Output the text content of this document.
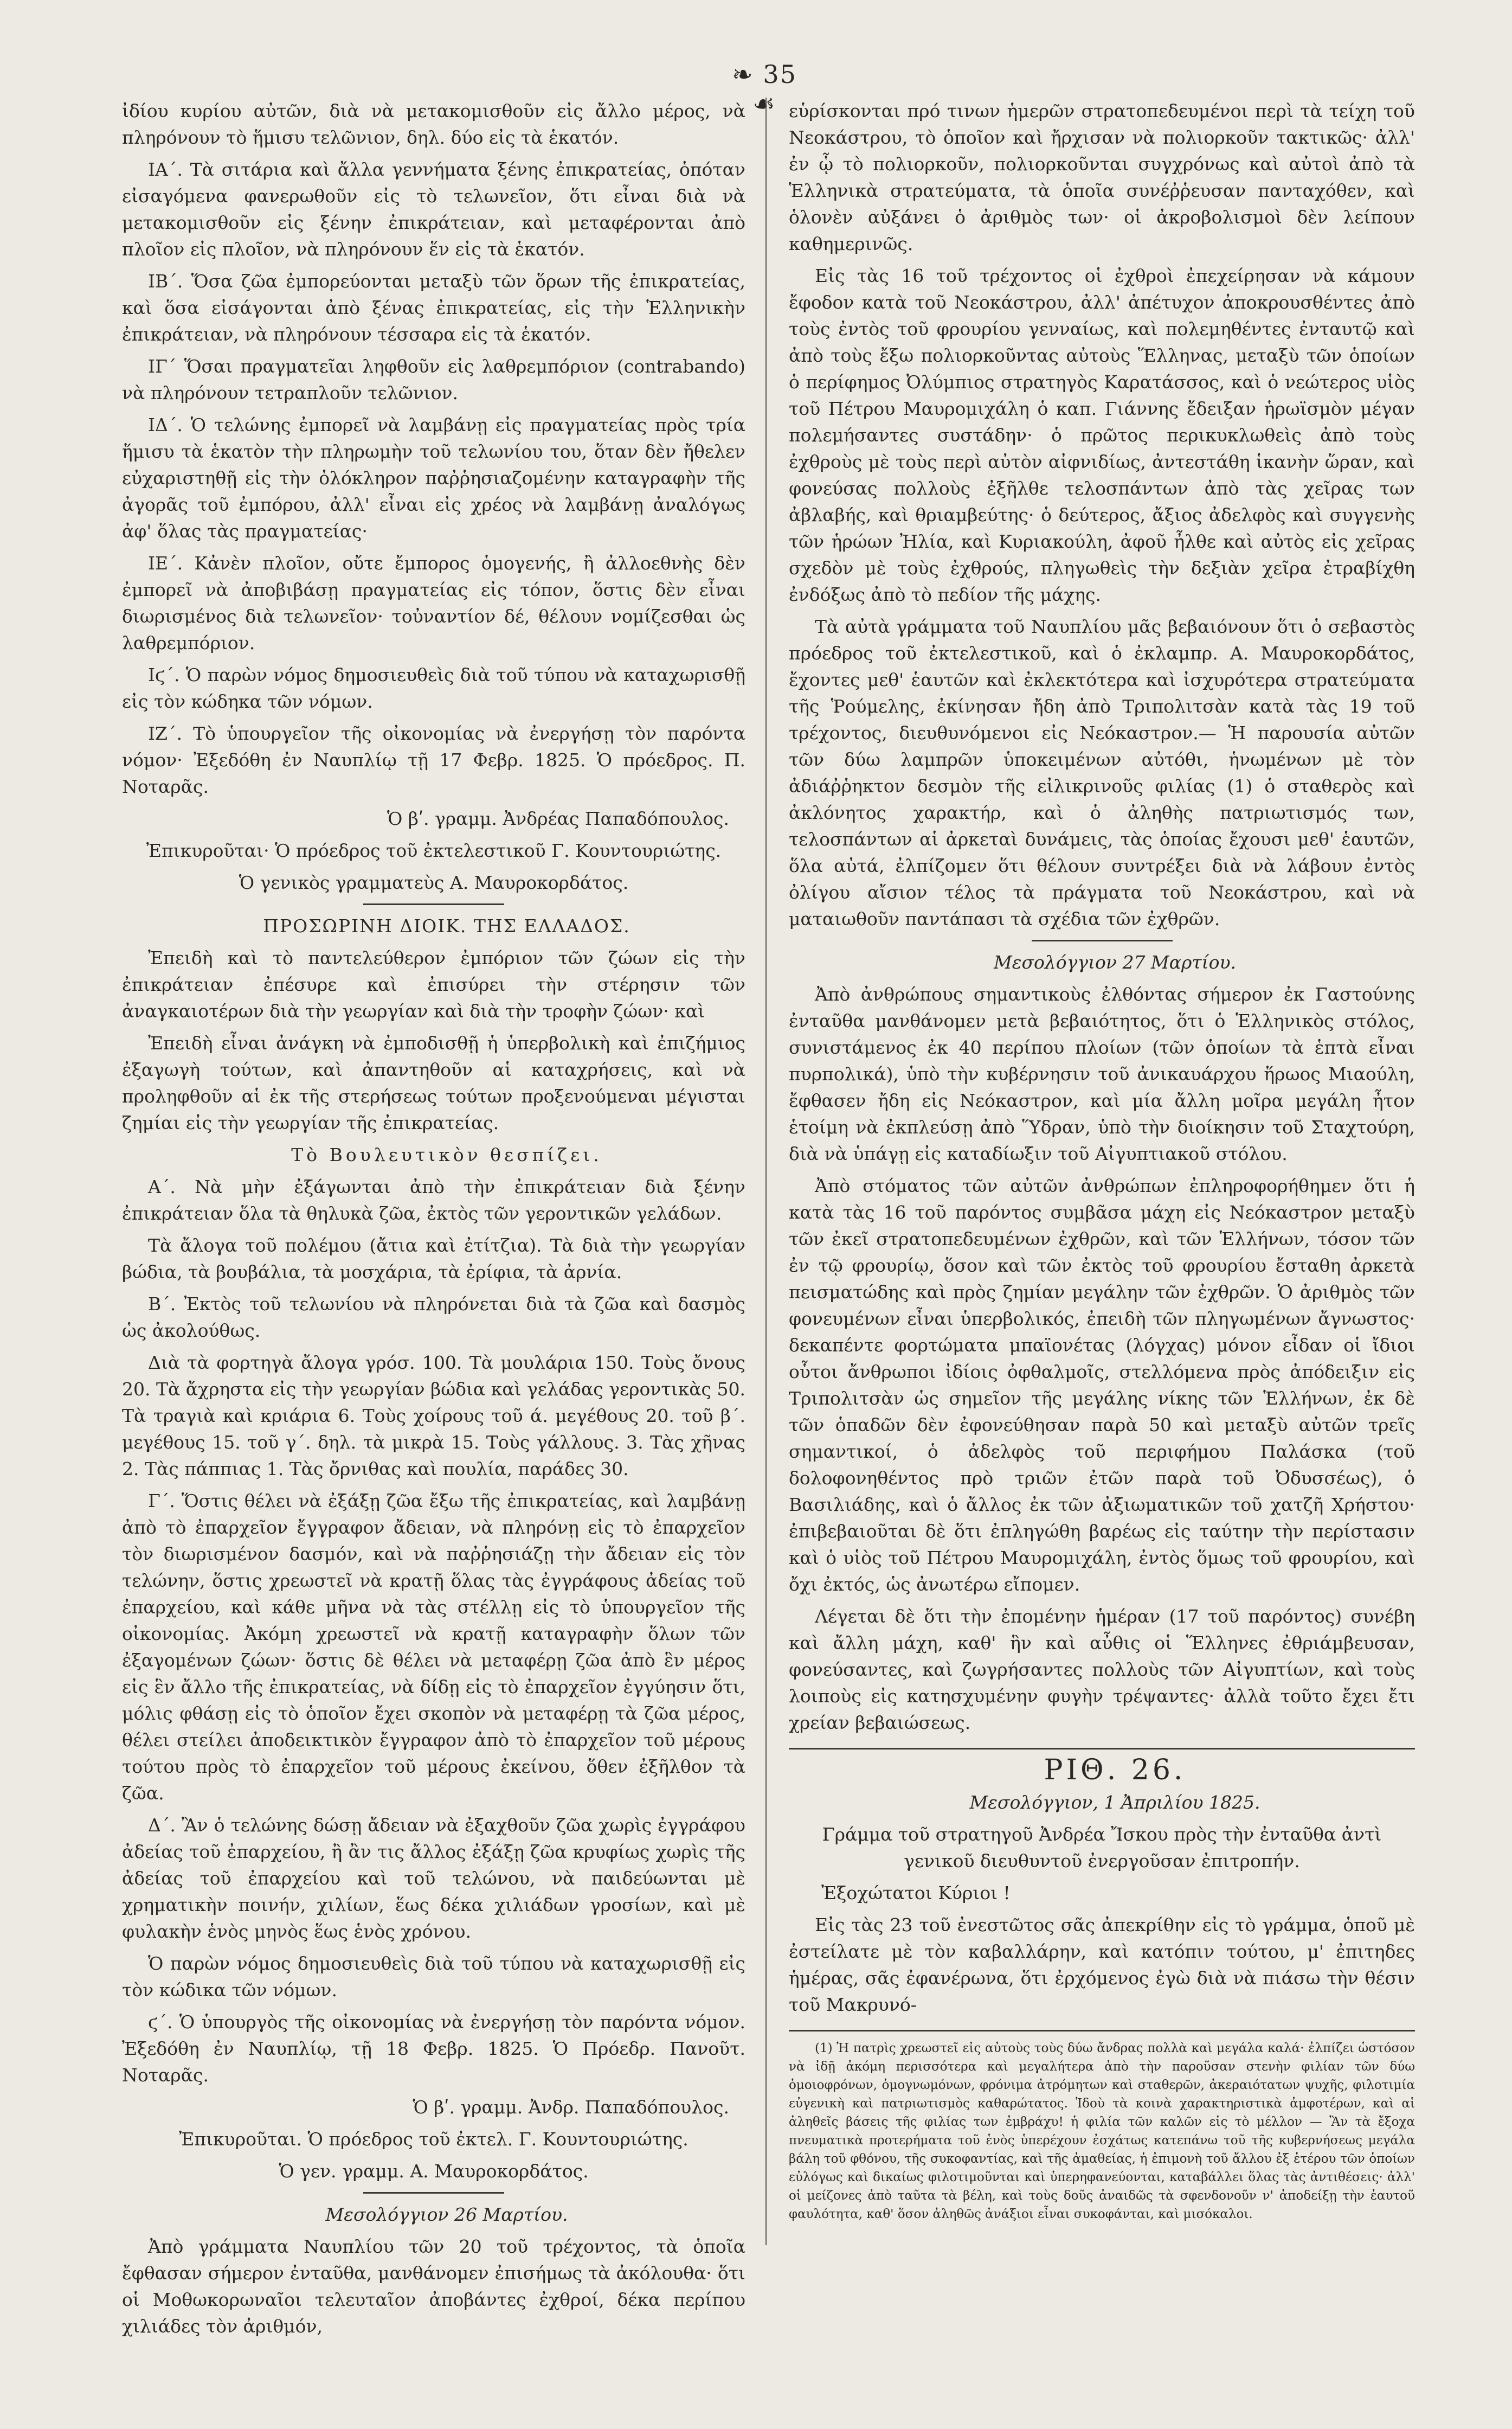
❧ 35 ☙

ἰδίου κυρίου αὐτῶν, διὰ νὰ μετακομισθοῦν εἰς ἄλλο μέρος, νὰ πληρόνουν τὸ ἥμισυ τελῶνιον, δηλ. δύο εἰς τὰ ἑκατόν.

ΙΑ΄. Τὰ σιτάρια καὶ ἄλλα γεννήματα ξένης ἐπικρατείας, ὁπόταν εἰσαγόμενα φανερωθοῦν εἰς τὸ τελωνεῖον, ὅτι εἶναι διὰ νὰ μετακομισθοῦν εἰς ξένην ἐπικράτειαν, καὶ μεταφέρονται ἀπὸ πλοῖον εἰς πλοῖον, νὰ πληρόνουν ἕν εἰς τὰ ἑκατόν.

ΙΒ΄. Ὅσα ζῶα ἐμπορεύονται μεταξὺ τῶν ὅρων τῆς ἐπικρατείας, καὶ ὅσα εἰσάγονται ἀπὸ ξένας ἐπικρατείας, εἰς τὴν Ἑλληνικὴν ἐπικράτειαν, νὰ πληρόνουν τέσσαρα εἰς τὰ ἑκατόν.

ΙΓ΄ Ὅσαι πραγματεῖαι ληφθοῦν εἰς λαθρεμπόριον (contrabando) νὰ πληρόνουν τετραπλοῦν τελῶνιον.

ΙΔ΄. Ὁ τελώνης ἐμπορεῖ νὰ λαμβάνῃ εἰς πραγματείας πρὸς τρία ἥμισυ τὰ ἑκατὸν τὴν πληρωμὴν τοῦ τελωνίου του, ὅταν δὲν ἤθελεν εὐχαριστηθῇ εἰς τὴν ὁλόκληρον παῤῥησιαζομένην καταγραφὴν τῆς ἀγορᾶς τοῦ ἐμπόρου, ἀλλ' εἶναι εἰς χρέος νὰ λαμβάνῃ ἀναλόγως ἀφ' ὅλας τὰς πραγματείας·

ΙΕ΄. Κἀνὲν πλοῖον, οὔτε ἔμπορος ὁμογενής, ἢ ἀλλοεθνὴς δὲν ἐμπορεῖ νὰ ἀποβιβάσῃ πραγματείας εἰς τόπον, ὅστις δὲν εἶναι διωρισμένος διὰ τελωνεῖον· τοὐναντίον δέ, θέλουν νομίζεσθαι ὡς λαθρεμπόριον.

Ιϛ΄. Ὁ παρὼν νόμος δημοσιευθεὶς διὰ τοῦ τύπου νὰ καταχωρισθῇ εἰς τὸν κώδηκα τῶν νόμων.

ΙΖ΄. Τὸ ὑπουργεῖον τῆς οἰκονομίας νὰ ἐνεργήσῃ τὸν παρόντα νόμον· Ἐξεδόθη ἐν Ναυπλίῳ τῇ 17 Φεβρ. 1825. Ὁ πρόεδρος. Π. Νοταρᾶς.

Ὁ βʹ. γραμμ. Ἀνδρέας Παπαδόπουλος.

Ἐπικυροῦται· Ὁ πρόεδρος τοῦ ἐκτελεστικοῦ Γ. Κουντουριώτης.

Ὁ γενικὸς γραμματεὺς Α. Μαυροκορδάτος.

ΠΡΟΣΩΡΙΝΗ ΔΙΟΙΚ. ΤΗΣ ΕΛΛΑΔΟΣ.

Ἐπειδὴ καὶ τὸ παντελεύθερον ἐμπόριον τῶν ζώων εἰς τὴν ἐπικράτειαν ἐπέσυρε καὶ ἐπισύρει τὴν στέρησιν τῶν ἀναγκαιοτέρων διὰ τὴν γεωργίαν καὶ διὰ τὴν τροφὴν ζώων· καὶ

Ἐπειδὴ εἶναι ἀνάγκη νὰ ἐμποδισθῇ ἡ ὑπερβολικὴ καὶ ἐπιζήμιος ἐξαγωγὴ τούτων, καὶ ἀπαντηθοῦν αἱ καταχρήσεις, καὶ νὰ προληφθοῦν αἱ ἐκ τῆς στερήσεως τούτων προξενούμεναι μέγισται ζημίαι εἰς τὴν γεωργίαν τῆς ἐπικρατείας.

Τὸ Βουλευτικὸν θεσπίζει.

Α΄. Νὰ μὴν ἐξάγωνται ἀπὸ τὴν ἐπικράτειαν διὰ ξένην ἐπικράτειαν ὅλα τὰ θηλυκὰ ζῶα, ἐκτὸς τῶν γεροντικῶν γελάδων.

Τὰ ἄλογα τοῦ πολέμου (ἄτια καὶ ἐτίτζια). Τὰ διὰ τὴν γεωργίαν βώδια, τὰ βουβάλια, τὰ μοσχάρια, τὰ ἐρίφια, τὰ ἀρνία.

Β΄. Ἐκτὸς τοῦ τελωνίου νὰ πληρόνεται διὰ τὰ ζῶα καὶ δασμὸς ὡς ἀκολούθως.

Διὰ τὰ φορτηγὰ ἄλογα γρόσ. 100. Τὰ μουλάρια 150. Τοὺς ὄνους 20. Τὰ ἄχρηστα εἰς τὴν γεωργίαν βώδια καὶ γελάδας γεροντικὰς 50. Τὰ τραγιὰ καὶ κριάρια 6. Τοὺς χοίρους τοῦ ά. μεγέθους 20. τοῦ β΄. μεγέθους 15. τοῦ γ΄. δηλ. τὰ μικρὰ 15. Τοὺς γάλλους. 3. Τὰς χῆνας 2. Τὰς πάππιας 1. Τὰς ὄρνιθας καὶ πουλία, παράδες 30.

Γ΄. Ὅστις θέλει νὰ ἐξάξῃ ζῶα ἔξω τῆς ἐπικρατείας, καὶ λαμβάνῃ ἀπὸ τὸ ἐπαρχεῖον ἔγγραφον ἄδειαν, νὰ πληρόνῃ εἰς τὸ ἐπαρχεῖον τὸν διωρισμένον δασμόν, καὶ νὰ παῤῥησιάζῃ τὴν ἄδειαν εἰς τὸν τελώνην, ὅστις χρεωστεῖ νὰ κρατῇ ὅλας τὰς ἐγγράφους ἀδείας τοῦ ἐπαρχείου, καὶ κάθε μῆνα νὰ τὰς στέλλῃ εἰς τὸ ὑπουργεῖον τῆς οἰκονομίας. Ἀκόμη χρεωστεῖ νὰ κρατῇ καταγραφὴν ὅλων τῶν ἐξαγομένων ζώων· ὅστις δὲ θέλει νὰ μεταφέρῃ ζῶα ἀπὸ ἓν μέρος εἰς ἓν ἄλλο τῆς ἐπικρατείας, νὰ δίδῃ εἰς τὸ ἐπαρχεῖον ἐγγύησιν ὅτι, μόλις φθάσῃ εἰς τὸ ὁποῖον ἔχει σκοπὸν νὰ μεταφέρῃ τὰ ζῶα μέρος, θέλει στείλει ἀποδεικτικὸν ἔγγραφον ἀπὸ τὸ ἐπαρχεῖον τοῦ μέρους τούτου πρὸς τὸ ἐπαρχεῖον τοῦ μέρους ἐκείνου, ὅθεν ἐξῆλθον τὰ ζῶα.

Δ΄. Ἂν ὁ τελώνης δώσῃ ἄδειαν νὰ ἐξαχθοῦν ζῶα χωρὶς ἐγγράφου ἀδείας τοῦ ἐπαρχείου, ἢ ἂν τις ἄλλος ἐξάξῃ ζῶα κρυφίως χωρὶς τῆς ἀδείας τοῦ ἐπαρχείου καὶ τοῦ τελώνου, νὰ παιδεύωνται μὲ χρηματικὴν ποινήν, χιλίων, ἕως δέκα χιλιάδων γροσίων, καὶ μὲ φυλακὴν ἑνὸς μηνὸς ἕως ἑνὸς χρόνου.

Ὁ παρὼν νόμος δημοσιευθεὶς διὰ τοῦ τύπου νὰ καταχωρισθῇ εἰς τὸν κώδικα τῶν νόμων.

ϛ΄. Ὁ ὑπουργὸς τῆς οἰκονομίας νὰ ἐνεργήσῃ τὸν παρόντα νόμον. Ἐξεδόθη ἐν Ναυπλίῳ, τῇ 18 Φεβρ. 1825. Ὁ Πρόεδρ. Πανοῦτ. Νοταρᾶς.

Ὁ βʹ. γραμμ. Ἀνδρ. Παπαδόπουλος.

Ἐπικυροῦται. Ὁ πρόεδρος τοῦ ἐκτελ. Γ. Κουντουριώτης.

Ὁ γεν. γραμμ. Α. Μαυροκορδάτος.

Μεσολόγγιον 26 Μαρτίου.

Ἀπὸ γράμματα Ναυπλίου τῶν 20 τοῦ τρέχοντος, τὰ ὁποῖα ἔφθασαν σήμερον ἐνταῦθα, μανθάνομεν ἐπισήμως τὰ ἀκόλουθα· ὅτι οἱ Μοθωκορωναῖοι τελευταῖον ἀποβάντες ἐχθροί, δέκα περίπου χιλιάδες τὸν ἀριθμόν,

εὑρίσκονται πρό τινων ἡμερῶν στρατοπεδευμένοι περὶ τὰ τείχη τοῦ Νεοκάστρου, τὸ ὁποῖον καὶ ἤρχισαν νὰ πολιορκοῦν τακτικῶς· ἀλλ' ἐν ᾧ τὸ πολιορκοῦν, πολιορκοῦνται συγχρόνως καὶ αὐτοὶ ἀπὸ τὰ Ἑλληνικὰ στρατεύματα, τὰ ὁποῖα συνέῤῥευσαν πανταχόθεν, καὶ ὁλονὲν αὐξάνει ὁ ἀριθμὸς των· οἱ ἀκροβολισμοὶ δὲν λείπουν καθημερινῶς.

Εἰς τὰς 16 τοῦ τρέχοντος οἱ ἐχθροὶ ἐπεχείρησαν νὰ κάμουν ἔφοδον κατὰ τοῦ Νεοκάστρου, ἀλλ' ἀπέτυχον ἀποκρουσθέντες ἀπὸ τοὺς ἐντὸς τοῦ φρουρίου γενναίως, καὶ πολεμηθέντες ἐνταυτῷ καὶ ἀπὸ τοὺς ἔξω πολιορκοῦντας αὐτοὺς Ἕλληνας, μεταξὺ τῶν ὁποίων ὁ περίφημος Ὀλύμπιος στρατηγὸς Καρατάσσος, καὶ ὁ νεώτερος υἱὸς τοῦ Πέτρου Μαυρομιχάλη ὁ καπ. Γιάννης ἔδειξαν ἡρωϊσμὸν μέγαν πολεμήσαντες συστάδην· ὁ πρῶτος περικυκλωθεὶς ἀπὸ τοὺς ἐχθροὺς μὲ τοὺς περὶ αὐτὸν αἰφνιδίως, ἀντεστάθη ἱκανὴν ὥραν, καὶ φονεύσας πολλοὺς ἐξῆλθε τελοσπάντων ἀπὸ τὰς χεῖρας των ἀβλαβής, καὶ θριαμβεύτης· ὁ δεύτερος, ἄξιος ἀδελφὸς καὶ συγγενὴς τῶν ἡρώων Ἠλία, καὶ Κυριακούλη, ἀφοῦ ἦλθε καὶ αὐτὸς εἰς χεῖρας σχεδὸν μὲ τοὺς ἐχθρούς, πληγωθεὶς τὴν δεξιὰν χεῖρα ἐτραβίχθη ἐνδόξως ἀπὸ τὸ πεδίον τῆς μάχης.

Τὰ αὐτὰ γράμματα τοῦ Ναυπλίου μᾶς βεβαιόνουν ὅτι ὁ σεβαστὸς πρόεδρος τοῦ ἐκτελεστικοῦ, καὶ ὁ ἐκλαμπρ. Α. Μαυροκορδάτος, ἔχοντες μεθ' ἑαυτῶν καὶ ἐκλεκτότερα καὶ ἰσχυρότερα στρατεύματα τῆς Ῥούμελης, ἐκίνησαν ἤδη ἀπὸ Τριπολιτσὰν κατὰ τὰς 19 τοῦ τρέχοντος, διευθυνόμενοι εἰς Νεόκαστρον.— Ἡ παρουσία αὐτῶν τῶν δύω λαμπρῶν ὑποκειμένων αὐτόθι, ἡνωμένων μὲ τὸν ἀδιάῤῥηκτον δεσμὸν τῆς εἰλικρινοῦς φιλίας (1) ὁ σταθερὸς καὶ ἀκλόνητος χαρακτήρ, καὶ ὁ ἀληθὴς πατριωτισμός των, τελοσπάντων αἱ ἀρκεταὶ δυνάμεις, τὰς ὁποίας ἔχουσι μεθ' ἑαυτῶν, ὅλα αὐτά, ἐλπίζομεν ὅτι θέλουν συντρέξει διὰ νὰ λάβουν ἐντὸς ὀλίγου αἴσιον τέλος τὰ πράγματα τοῦ Νεοκάστρου, καὶ νὰ ματαιωθοῦν παντάπασι τὰ σχέδια τῶν ἐχθρῶν.

Μεσολόγγιον 27 Μαρτίου.

Ἀπὸ ἀνθρώπους σημαντικοὺς ἐλθόντας σήμερον ἐκ Γαστούνης ἐνταῦθα μανθάνομεν μετὰ βεβαιότητος, ὅτι ὁ Ἑλληνικὸς στόλος, συνιστάμενος ἐκ 40 περίπου πλοίων (τῶν ὁποίων τὰ ἑπτὰ εἶναι πυρπολικά), ὑπὸ τὴν κυβέρνησιν τοῦ ἀνικαυάρχου ἥρωος Μιαούλη, ἔφθασεν ἤδη εἰς Νεόκαστρον, καὶ μία ἄλλη μοῖρα μεγάλη ἦτον ἑτοίμη νὰ ἐκπλεύσῃ ἀπὸ Ὕδραν, ὑπὸ τὴν διοίκησιν τοῦ Σταχτούρη, διὰ νὰ ὑπάγῃ εἰς καταδίωξιν τοῦ Αἰγυπτιακοῦ στόλου.

Ἀπὸ στόματος τῶν αὐτῶν ἀνθρώπων ἐπληροφορήθημεν ὅτι ἡ κατὰ τὰς 16 τοῦ παρόντος συμβᾶσα μάχη εἰς Νεόκαστρον μεταξὺ τῶν ἐκεῖ στρατοπεδευμένων ἐχθρῶν, καὶ τῶν Ἑλλήνων, τόσον τῶν ἐν τῷ φρουρίῳ, ὅσον καὶ τῶν ἐκτὸς τοῦ φρουρίου ἔσταθη ἀρκετὰ πεισματώδης καὶ πρὸς ζημίαν μεγάλην τῶν ἐχθρῶν. Ὁ ἀριθμὸς τῶν φονευμένων εἶναι ὑπερβολικός, ἐπειδὴ τῶν πληγωμένων ἄγνωστος· δεκαπέντε φορτώματα μπαϊονέτας (λόγχας) μόνον εἶδαν οἱ ἴδιοι οὗτοι ἄνθρωποι ἰδίοις ὀφθαλμοῖς, στελλόμενα πρὸς ἀπόδειξιν εἰς Τριπολιτσὰν ὡς σημεῖον τῆς μεγάλης νίκης τῶν Ἑλλήνων, ἐκ δὲ τῶν ὁπαδῶν δὲν ἐφονεύθησαν παρὰ 50 καὶ μεταξὺ αὐτῶν τρεῖς σημαντικοί, ὁ ἀδελφὸς τοῦ περιφήμου Παλάσκα (τοῦ δολοφονηθέντος πρὸ τριῶν ἐτῶν παρὰ τοῦ Ὀδυσσέως), ὁ Βασιλιάδης, καὶ ὁ ἄλλος ἐκ τῶν ἀξιωματικῶν τοῦ χατζῆ Χρήστου· ἐπιβεβαιοῦται δὲ ὅτι ἐπληγώθη βαρέως εἰς ταύτην τὴν περίστασιν καὶ ὁ υἱὸς τοῦ Πέτρου Μαυρομιχάλη, ἐντὸς ὅμως τοῦ φρουρίου, καὶ ὄχι ἐκτός, ὡς ἀνωτέρω εἴπομεν.

Λέγεται δὲ ὅτι τὴν ἐπομένην ἡμέραν (17 τοῦ παρόντος) συνέβη καὶ ἄλλη μάχη, καθ' ἣν καὶ αὖθις οἱ Ἕλληνες ἐθριάμβευσαν, φονεύσαντες, καὶ ζωγρήσαντες πολλοὺς τῶν Αἰγυπτίων, καὶ τοὺς λοιποὺς εἰς κατησχυμένην φυγὴν τρέψαντες· ἀλλὰ τοῦτο ἔχει ἔτι χρείαν βεβαιώσεως.

ΡΙΘ. 26.

Μεσολόγγιον, 1 Ἀπριλίου 1825.

Γράμμα τοῦ στρατηγοῦ Ἀνδρέα Ἴσκου πρὸς τὴν ἐνταῦθα ἀντὶ γενικοῦ διευθυντοῦ ἐνεργοῦσαν ἐπιτροπήν.

Ἐξοχώτατοι Κύριοι !

Εἰς τὰς 23 τοῦ ἐνεστῶτος σᾶς ἀπεκρίθην εἰς τὸ γράμμα, ὁποῦ μὲ ἐστείλατε μὲ τὸν καβαλλάρην, καὶ κατόπιν τούτου, μ' ἐπιτηδες ἡμέρας, σᾶς ἐφανέρωνα, ὅτι ἐρχόμενος ἐγὼ διὰ νὰ πιάσω τὴν θέσιν τοῦ Μακρυνό-

(1) Ἡ πατρὶς χρεωστεῖ εἰς αὐτοὺς τοὺς δύω ἄνδρας πολλὰ καὶ μεγάλα καλά· ἐλπίζει ὡστόσον νὰ ἰδῇ ἀκόμη περισσότερα καὶ μεγαλήτερα ἀπὸ τὴν παροῦσαν στενὴν φιλίαν τῶν δύω ὁμοιοφρόνων, ὁμογνωμόνων, φρόνιμα ἀτρόμητων καὶ σταθερῶν, ἀκεραιότατων ψυχῆς, φιλοτιμία εὐγενικὴ καὶ πατριωτισμὸς καθαρώτατος. Ἰδοὺ τὰ κοινὰ χαρακτηριστικὰ ἀμφοτέρων, καὶ αἱ ἀληθεῖς βάσεις τῆς φιλίας των ἐμβράχυ! ἡ φιλία τῶν καλῶν εἰς τὸ μέλλον — Ἂν τὰ ἔξοχα πνευματικὰ προτερήματα τοῦ ἑνὸς ὑπερέχουν ἐσχάτως κατεπάνω τοῦ τῆς κυβερνήσεως μεγάλα βάλη τοῦ φθόνου, τῆς συκοφαντίας, καὶ τῆς ἀμαθείας, ἡ ἐπιμονὴ τοῦ ἄλλου ἐξ ἑτέρου τῶν ὁποίων εὐλόγως καὶ δικαίως φιλοτιμοῦνται καὶ ὑπερηφανεύονται, καταβάλλει ὅλας τὰς ἀντιθέσεις· ἀλλ' οἱ μείζονες ἀπὸ ταῦτα τὰ βέλη, καὶ τοὺς δοῦς ἀναιδῶς τὰ σφενδονοῦν ν' ἀποδείξῃ τὴν ἑαυτοῦ φαυλότητα, καθ' ὅσον ἀληθῶς ἀνάξιοι εἶναι συκοφάνται, καὶ μισόκαλοι.
